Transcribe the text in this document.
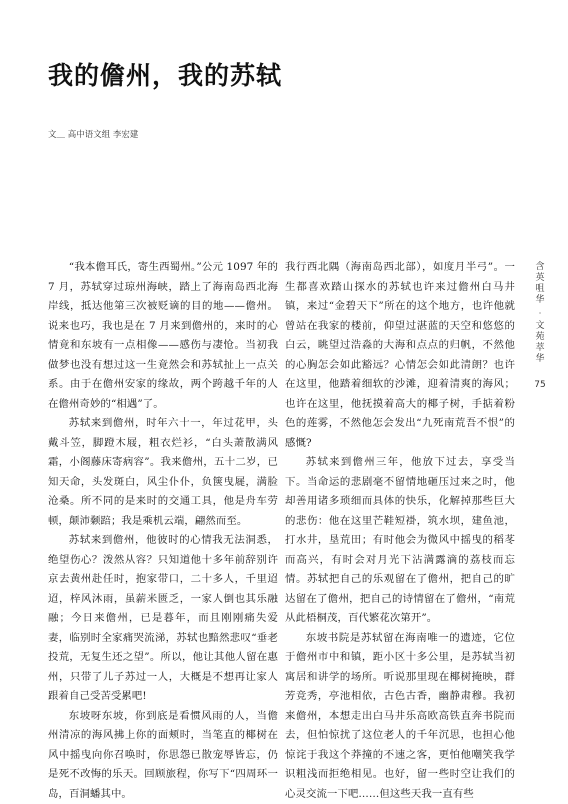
我的儋州，我的苏轼
文＿ 高中语文组 李宏建

“我本儋耳氏，寄生西蜀州。”公元 1097 年的 7 月，苏轼穿过琼州海峡，踏上了海南岛西北海岸线，抵达他第三次被贬谪的目的地——儋州。说来也巧，我也是在 7 月来到儋州的，来时的心情竟和东坡有一点相像——感伤与凄怆。当初我做梦也没有想过这一生竟然会和苏轼扯上一点关系。由于在儋州安家的缘故，两个跨越千年的人在儋州奇妙的“相遇”了。

苏轼来到儋州，时年六十一，年过花甲，头戴斗笠，脚蹬木屐，粗衣烂衫，“白头萧散满风霜，小阁藤床寄病容”。我来儋州，五十二岁，已知天命，头发斑白，风尘仆仆，负箧曳屣，满脸沧桑。所不同的是来时的交通工具，他是舟车劳顿，颠沛颡踣；我是乘机云端，翩然而至。

苏轼来到儋州，他彼时的心情我无法洞悉，绝望伤心？泼然从容？只知道他十多年前辞别许京去黄州赴任时，抱家带口，二十多人，千里迢迢，梓风沐雨，虽薪米匮乏，一家人倒也其乐融融；今日来儋州，已是暮年，而且刚刚痛失爱妻，临别时全家痛哭流涕，苏轼也黯然悲叹“垂老投荒，无复生还之望”。所以，他让其他人留在惠州，只带了儿子苏过一人，大概是不想再让家人跟着自己受苦受累吧!

东坡呀东坡，你到底是看惯风雨的人，当儋州清凉的海风拂上你的面颊时，当笔直的椰树在风中摇曳向你召唤时，你思怨已散宠辱皆忘，仍是死不改悔的乐天。回顾旅程，你写下“四周环一岛，百洞蟠其中。

我行西北隅（海南岛西北部），如度月半弓”。一生都喜欢踏山探水的苏轼也许来过儋州白马井镇，来过“金碧天下”所在的这个地方，也许他就曾站在我家的楼前，仰望过湛蓝的天空和悠悠的白云，眺望过浩淼的大海和点点的归帆，不然他的心胸怎会如此豁远？心情怎会如此清朗？也许在这里，他踏着细软的沙滩，迎着清爽的海风；也许在这里，他抚摸着高大的椰子树，手掂着粉色的莲雾，不然他怎会发出“九死南荒吾不恨”的感慨?

苏轼来到儋州三年，他放下过去，享受当下。当命运的悲剧毫不留情地砸压过来之时，他却善用诸多琐细而具体的快乐，化解掉那些巨大的悲伤：他在这里芒鞋短褂，筑水坝，建鱼池，打水井，垦荒田；有时他会为微风中摇曳的稻苳而高兴，有时会对月光下沾满露滴的荔枝而忘情。苏轼把自己的乐观留在了儋州，把自己的旷达留在了儋州，把自己的诗情留在了儋州，“南荒从此梧桐茂，百代繁花次第开”。

东坡书院是苏轼留在海南唯一的遗迹，它位于儋州市中和镇，距小区十多公里，是苏轼当初寓居和讲学的场所。听说那里现在椰树掩映，群芳竞秀，亭池相依，古色古香，幽静肃穆。我初来儋州，本想走出白马井乐高欧高铁直奔书院而去，但怕惊扰了这位老人的千年沉思，也担心他惊诧于我这个莽撞的不速之客，更怕他嘲笑我学识粗浅而拒绝相见。也好，留一些时空让我们的心灵交流一下吧……但这些天我一直有些

含
英
咀
华
·
文
苑
萃
华
75
